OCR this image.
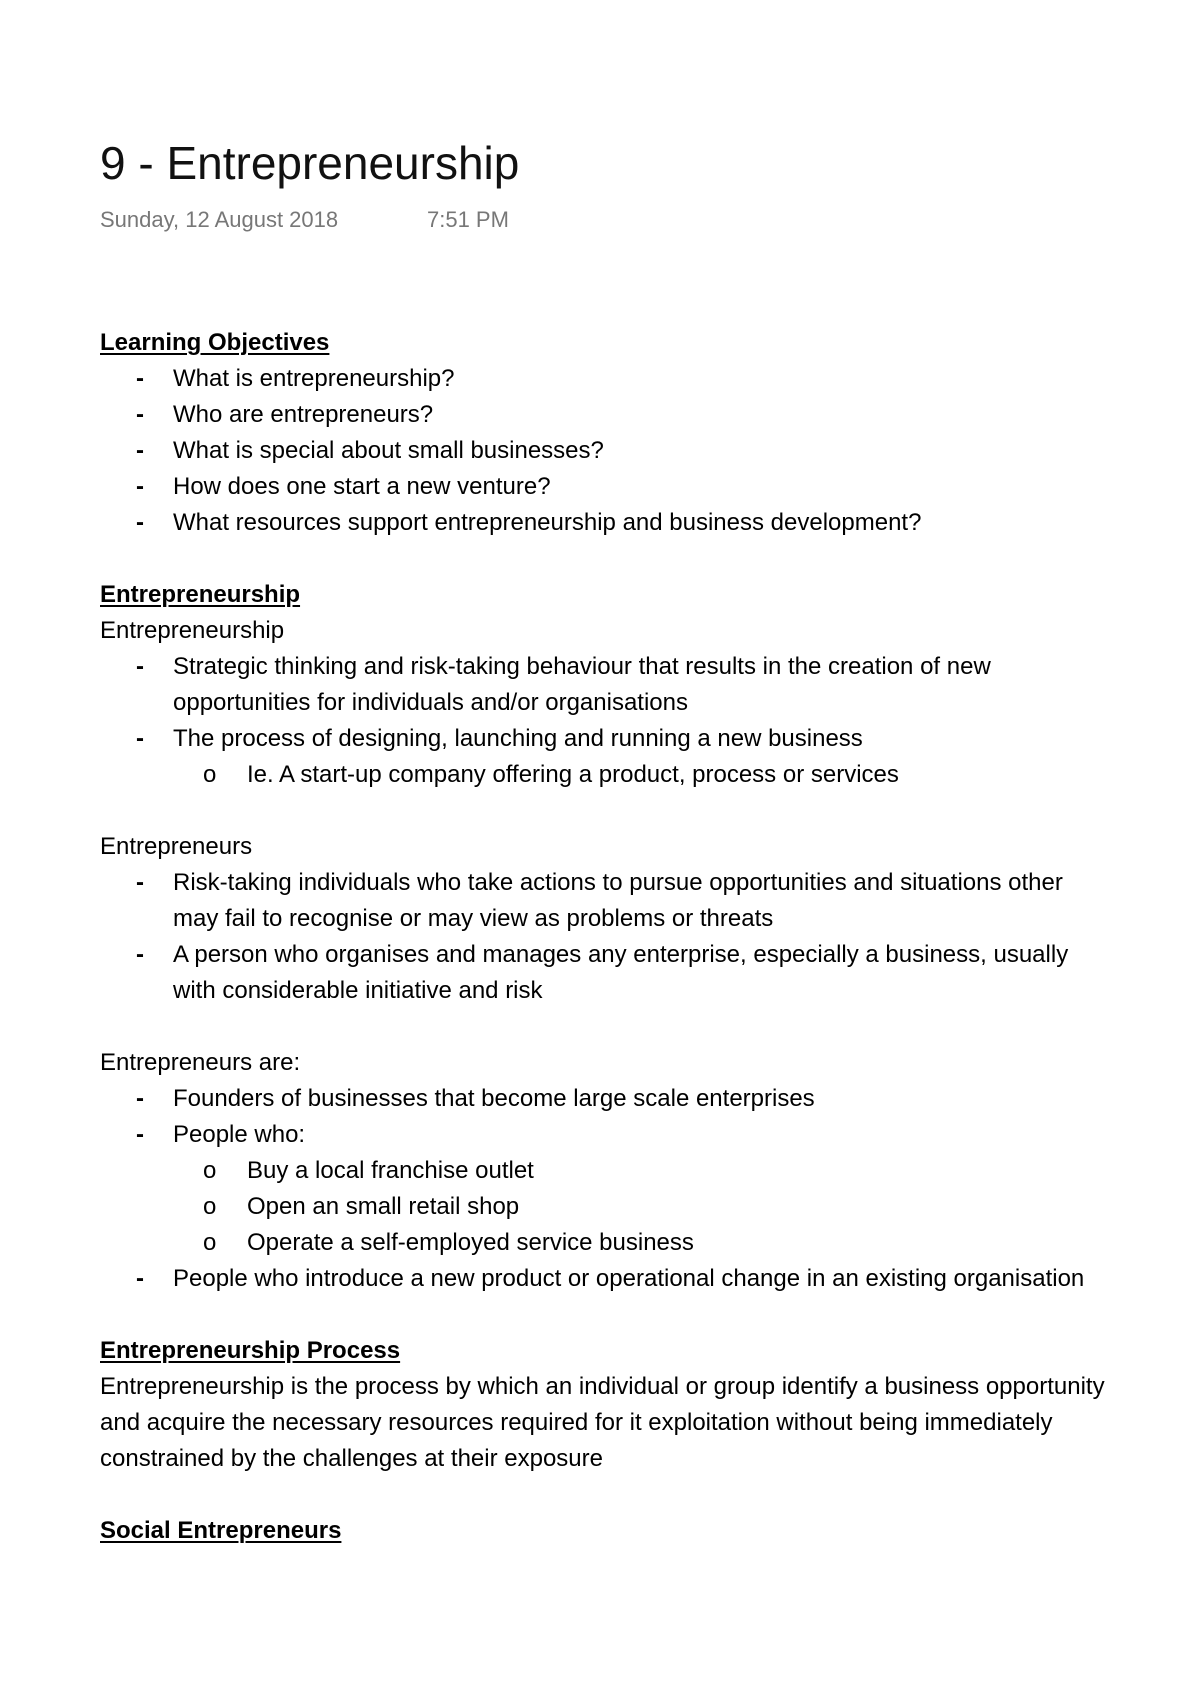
9 - Entrepreneurship
Sunday, 12 August 2018	7:51 PM

Learning Objectives

- What is entrepreneurship?
- Who are entrepreneurs?
- What is special about small businesses?
- How does one start a new venture?
- What resources support entrepreneurship and business development?

Entrepreneurship

Entrepreneurship

- Strategic thinking and risk-taking behaviour that results in the creation of new opportunities for individuals and/or organisations
- The process of designing, launching and running a new business
o Ie. A start-up company offering a product, process or services

Entrepreneurs

- Risk-taking individuals who take actions to pursue opportunities and situations other may fail to recognise or may view as problems or threats
- A person who organises and manages any enterprise, especially a business, usually with considerable initiative and risk

Entrepreneurs are:

- Founders of businesses that become large scale enterprises
- People who:
o Buy a local franchise outlet
o Open an small retail shop
o Operate a self-employed service business
- People who introduce a new product or operational change in an existing organisation

Entrepreneurship Process

Entrepreneurship is the process by which an individual or group identify a business opportunity and acquire the necessary resources required for it exploitation without being immediately constrained by the challenges at their exposure

Social Entrepreneurs
